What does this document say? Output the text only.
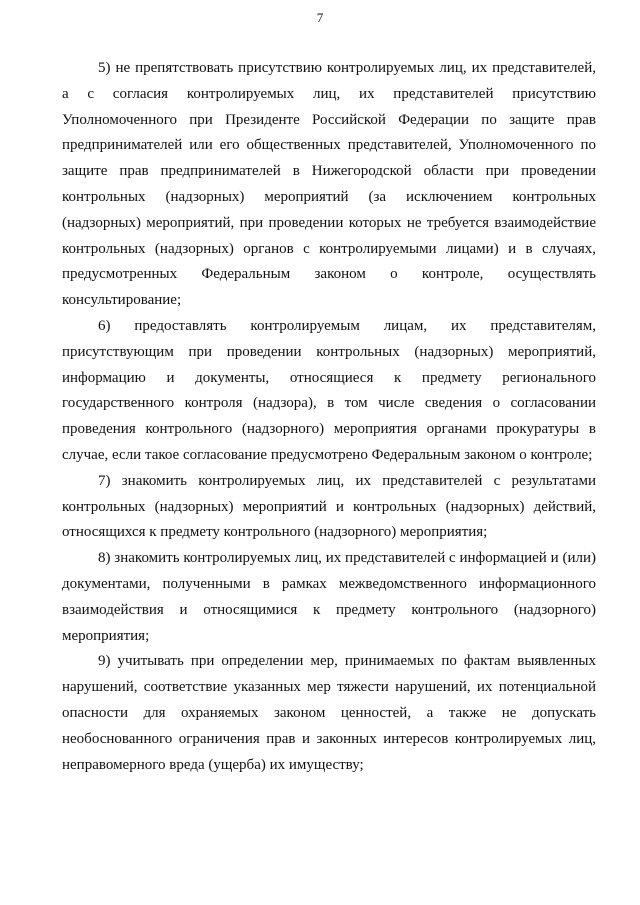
7

5) не препятствовать присутствию контролируемых лиц, их представителей, а с согласия контролируемых лиц, их представителей присутствию Уполномоченного при Президенте Российской Федерации по защите прав предпринимателей или его общественных представителей, Уполномоченного по защите прав предпринимателей в Нижегородской области при проведении контрольных (надзорных) мероприятий (за исключением контрольных (надзорных) мероприятий, при проведении которых не требуется взаимодействие контрольных (надзорных) органов с контролируемыми лицами) и в случаях, предусмотренных Федеральным законом о контроле, осуществлять консультирование;

6) предоставлять контролируемым лицам, их представителям, присутствующим при проведении контрольных (надзорных) мероприятий, информацию и документы, относящиеся к предмету регионального государственного контроля (надзора), в том числе сведения о согласовании проведения контрольного (надзорного) мероприятия органами прокуратуры в случае, если такое согласование предусмотрено Федеральным законом о контроле;

7) знакомить контролируемых лиц, их представителей с результатами контрольных (надзорных) мероприятий и контрольных (надзорных) действий, относящихся к предмету контрольного (надзорного) мероприятия;

8) знакомить контролируемых лиц, их представителей с информацией и (или) документами, полученными в рамках межведомственного информационного взаимодействия и относящимися к предмету контрольного (надзорного) мероприятия;

9) учитывать при определении мер, принимаемых по фактам выявленных нарушений, соответствие указанных мер тяжести нарушений, их потенциальной опасности для охраняемых законом ценностей, а также не допускать необоснованного ограничения прав и законных интересов контролируемых лиц, неправомерного вреда (ущерба) их имуществу;
